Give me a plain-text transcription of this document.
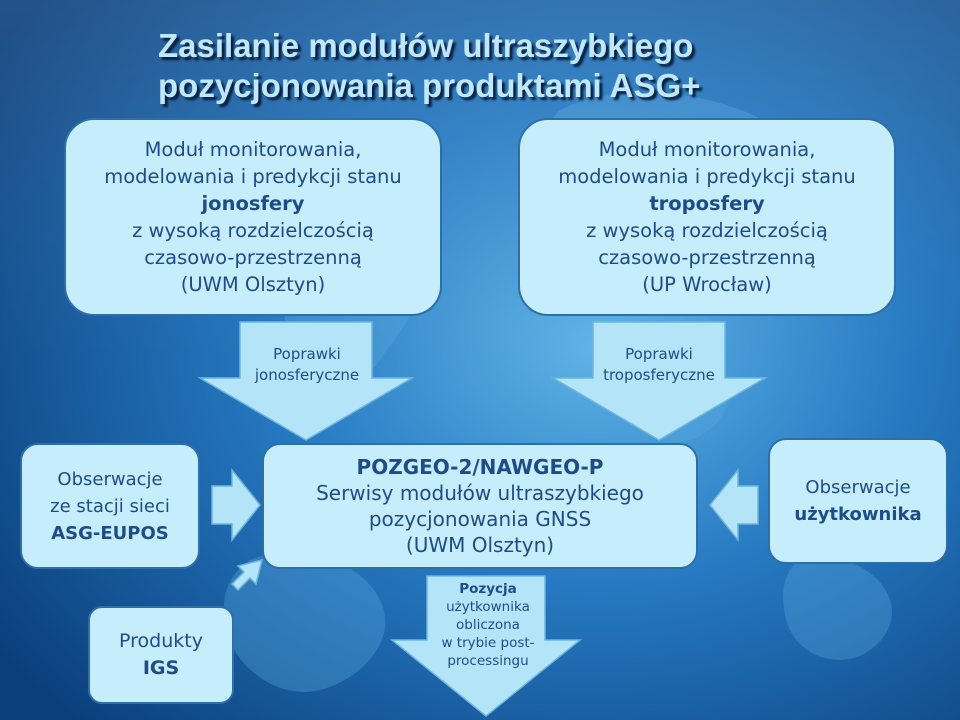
Zasilanie modułów ultraszybkiego
pozycjonowania produktami ASG+
Moduł monitorowania,
modelowania i predykcji stanu
jonosfery
z wysoką rozdzielczością
czasowo-przestrzenną
(UWM Olsztyn)
Moduł monitorowania,
modelowania i predykcji stanu
troposfery
z wysoką rozdzielczością
czasowo-przestrzenną
(UP Wrocław)
Poprawki
jonosferyczne
Poprawki
troposferyczne
Obserwacje
ze stacji sieci
ASG-EUPOS
POZGEO-2/NAWGEO-P
Serwisy modułów ultraszybkiego
pozycjonowania GNSS
(UWM Olsztyn)
Obserwacje
użytkownika
Produkty
IGS
Pozycja
użytkownika
obliczona
w trybie post-
processingu
